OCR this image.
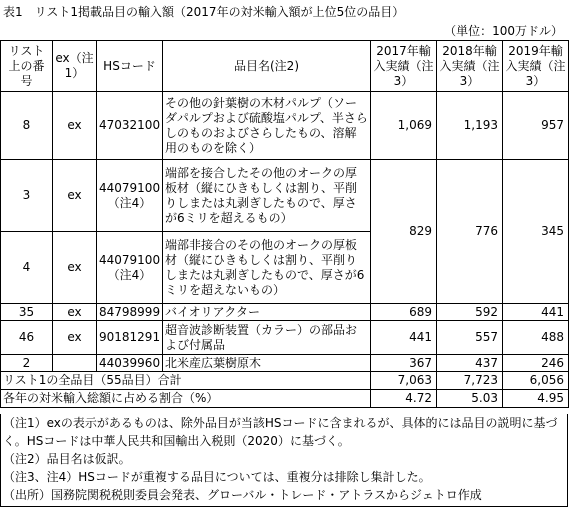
表1　リスト1掲載品目の輸入額（2017年の対米輸入額が上位5位の品目）
（単位：100万ドル）
リスト上の番号	ex（注1）	HSコード	品目名(注2)	2017年輸入実績（注3）	2018年輸入実績（注3）	2019年輸入実績（注3）
8	ex	47032100	その他の針葉樹の木材パルプ（ソーダパルプおよび硫酸塩パルプ、半さらしのものおよびさらしたもの、溶解用のものを除く）	1,069	1,193	957
3	ex	44079100（注4）	端部を接合したその他のオークの厚板材（縦にひきもしくは割り、平削りしまたは丸剥ぎしたもので、厚さが6ミリを超えるもの）	829	776	345
4	ex	44079100（注4）	端部非接合のその他のオークの厚板材（縦にひきもしくは割り、平削りしまたは丸剥ぎしたもので、厚さが6ミリを超えないもの）			
35	ex	84798999	バイオリアクター	689	592	441
46	ex	90181291	超音波診断装置（カラー）の部品および付属品	441	557	488
2		44039960	北米産広葉樹原木	367	437	246
リスト1の全品目（55品目）合計				7,063	7,723	6,056
各年の対米輸入総額に占める割合（%）				4.72	5.03	4.95
（注1）exの表示があるものは、除外品目が当該HSコードに含まれるが、具体的には品目の説明に基づく。HSコードは中華人民共和国輸出入税則（2020）に基づく。
（注2）品目名は仮訳。
（注3、注4）HSコードが重複する品目については、重複分は排除し集計した。
（出所）国務院関税税則委員会発表、グローバル・トレード・アトラスからジェトロ作成
